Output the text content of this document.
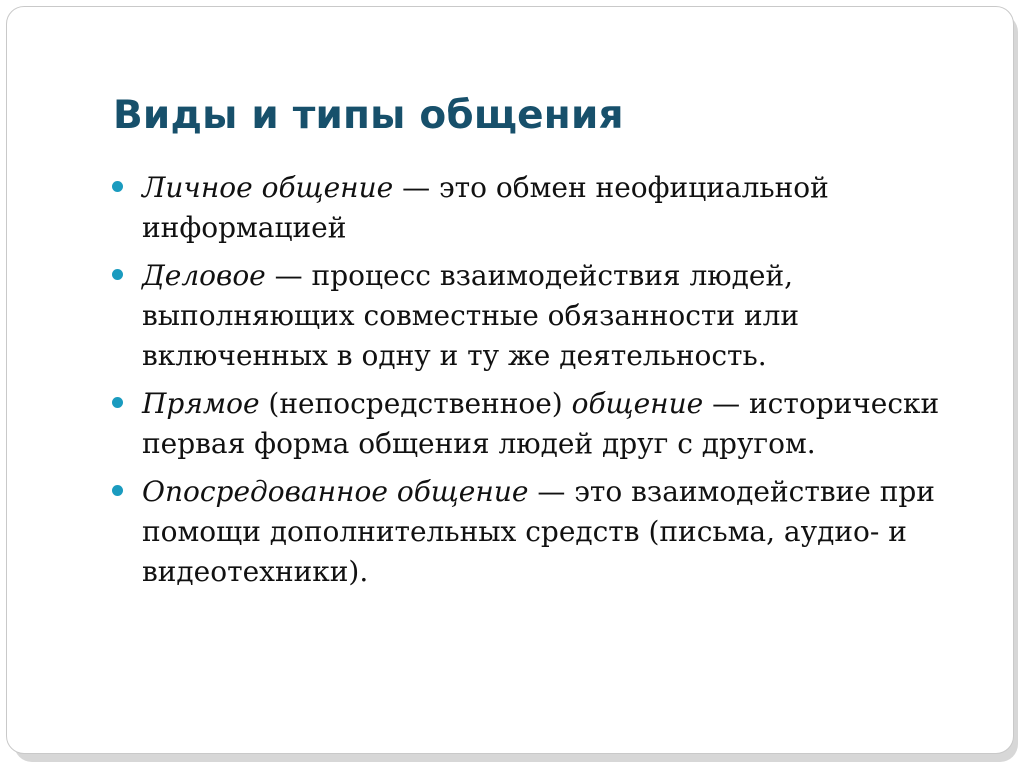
Виды и типы общения
Личное общение — это обмен неофициальной информацией
Деловое — процесс взаимодействия людей, выполняющих совместные обязанности или включенных в одну и ту же деятельность.
Прямое (непосредственное) общение — исторически первая форма общения людей друг с другом.
Опосредованное общение — это взаимодействие при помощи дополнительных средств (письма, аудио- и видеотехники).
